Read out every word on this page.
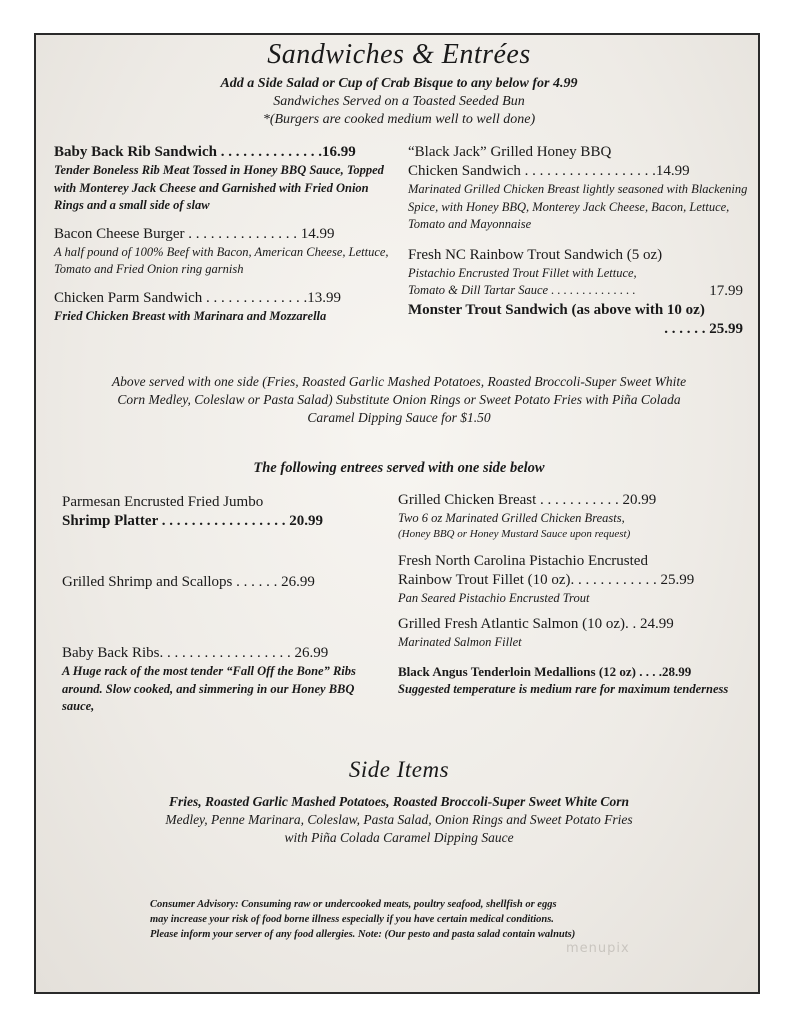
Sandwiches & Entrées
Add a Side Salad or Cup of Crab Bisque to any below for 4.99
Sandwiches Served on a Toasted Seeded Bun
*(Burgers are cooked medium well to well done)
Baby Back Rib Sandwich . . . . . . . . . . . . . .16.99
Tender Boneless Rib Meat Tossed in Honey BBQ Sauce, Topped with Monterey Jack Cheese and Garnished with Fried Onion Rings and a small side of slaw
Bacon Cheese Burger . . . . . . . . . . . . . . . 14.99
A half pound of 100% Beef with Bacon, American Cheese, Lettuce, Tomato and Fried Onion ring garnish
Chicken Parm Sandwich . . . . . . . . . . . . . .13.99
Fried Chicken Breast with Marinara and Mozzarella
“Black Jack” Grilled Honey BBQ
Chicken Sandwich . . . . . . . . . . . . . . . . . .14.99
Marinated Grilled Chicken Breast lightly seasoned with Blackening Spice, with Honey BBQ, Monterey Jack Cheese, Bacon, Lettuce, Tomato and Mayonnaise
Fresh NC Rainbow Trout Sandwich (5 oz)
Pistachio Encrusted Trout Fillet with Lettuce,
Tomato & Dill Tartar Sauce . . . . . . . . . . . . . .	17.99
Monster Trout Sandwich (as above with 10 oz)
. . . . . . 25.99
Above served with one side (Fries, Roasted Garlic Mashed Potatoes, Roasted Broccoli-Super Sweet White Corn Medley, Coleslaw or Pasta Salad) Substitute Onion Rings or Sweet Potato Fries with Piña Colada Caramel Dipping Sauce for $1.50
The following entrees served with one side below
Parmesan Encrusted Fried Jumbo
Shrimp Platter . . . . . . . . . . . . . . . . . 20.99
Grilled Shrimp and Scallops . . . . . . 26.99
Baby Back Ribs. . . . . . . . . . . . . . . . . . 26.99
A Huge rack of the most tender “Fall Off the Bone” Ribs around. Slow cooked, and simmering in our Honey BBQ sauce,
Grilled Chicken Breast . . . . . . . . . . . 20.99
Two 6 oz Marinated Grilled Chicken Breasts,
(Honey BBQ or Honey Mustard Sauce upon request)
Fresh North Carolina Pistachio Encrusted
Rainbow Trout Fillet (10 oz). . . . . . . . . . . . 25.99
Pan Seared Pistachio Encrusted Trout
Grilled Fresh Atlantic Salmon (10 oz). . 24.99
Marinated Salmon Fillet
Black Angus Tenderloin Medallions (12 oz) . . . .28.99
Suggested temperature is medium rare for maximum tenderness
Side Items
Fries, Roasted Garlic Mashed Potatoes, Roasted Broccoli-Super Sweet White Corn
Medley, Penne Marinara, Coleslaw, Pasta Salad, Onion Rings and Sweet Potato Fries
with Piña Colada Caramel Dipping Sauce
Consumer Advisory: Consuming raw or undercooked meats, poultry seafood, shellfish or eggs
may increase your risk of food borne illness especially if you have certain medical conditions.
Please inform your server of any food allergies. Note: (Our pesto and pasta salad contain walnuts)
menupix
